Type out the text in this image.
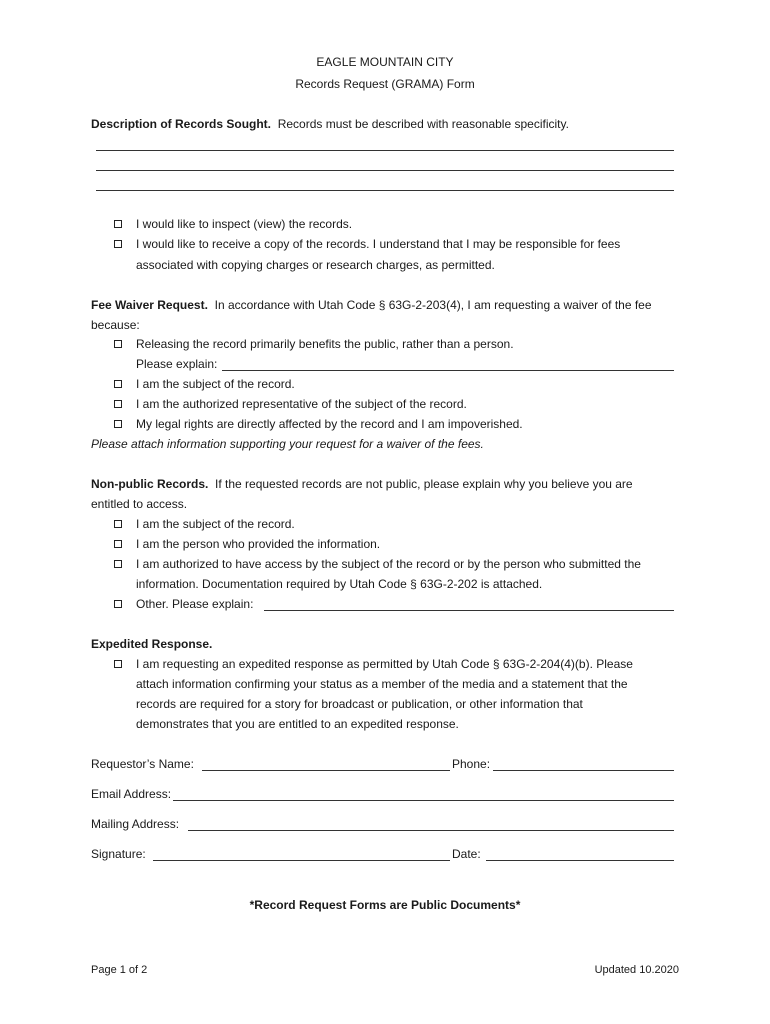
EAGLE MOUNTAIN CITY
Records Request (GRAMA) Form
Description of Records Sought. Records must be described with reasonable specificity.
I would like to inspect (view) the records.
I would like to receive a copy of the records. I understand that I may be responsible for fees
associated with copying charges or research charges, as permitted.
Fee Waiver Request. In accordance with Utah Code § 63G-2-203(4), I am requesting a waiver of the fee
because:
Releasing the record primarily benefits the public, rather than a person.
Please explain:
I am the subject of the record.
I am the authorized representative of the subject of the record.
My legal rights are directly affected by the record and I am impoverished.
Please attach information supporting your request for a waiver of the fees.
Non-public Records. If the requested records are not public, please explain why you believe you are
entitled to access.
I am the subject of the record.
I am the person who provided the information.
I am authorized to have access by the subject of the record or by the person who submitted the
information. Documentation required by Utah Code § 63G-2-202 is attached.
Other. Please explain:
Expedited Response.
I am requesting an expedited response as permitted by Utah Code § 63G-2-204(4)(b). Please
attach information confirming your status as a member of the media and a statement that the
records are required for a story for broadcast or publication, or other information that
demonstrates that you are entitled to an expedited response.
Requestor’s Name:	Phone:
Email Address:
Mailing Address:
Signature:	Date:
*Record Request Forms are Public Documents*
Page 1 of 2	Updated 10.2020
